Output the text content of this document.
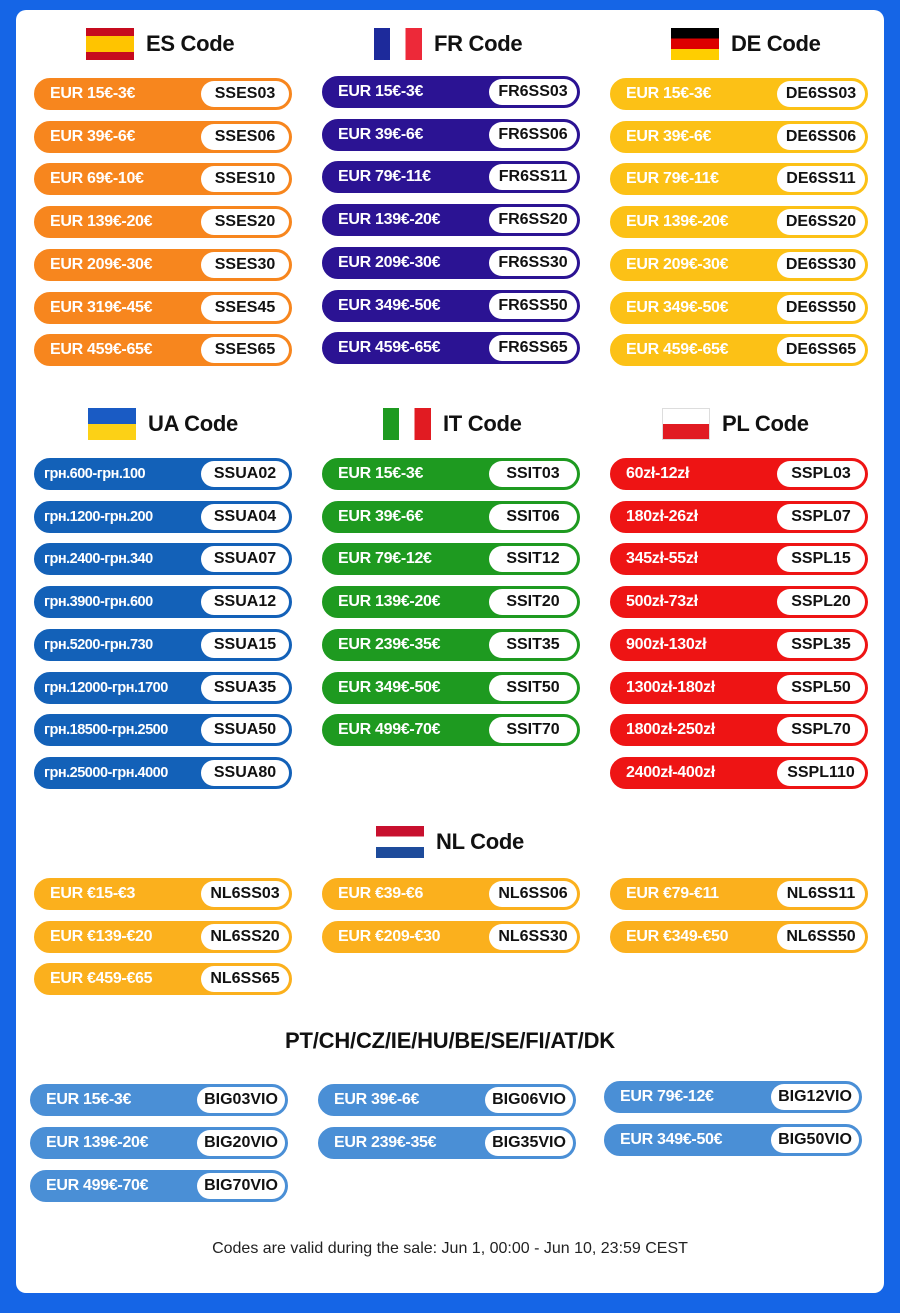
ES Code	FR Code	DE Code
EUR 15€-3€	SSES03
EUR 39€-6€	SSES06
EUR 69€-10€	SSES10
EUR 139€-20€	SSES20
EUR 209€-30€	SSES30
EUR 319€-45€	SSES45
EUR 459€-65€	SSES65
EUR 15€-3€	FR6SS03
EUR 39€-6€	FR6SS06
EUR 79€-11€	FR6SS11
EUR 139€-20€	FR6SS20
EUR 209€-30€	FR6SS30
EUR 349€-50€	FR6SS50
EUR 459€-65€	FR6SS65
EUR 15€-3€	DE6SS03
EUR 39€-6€	DE6SS06
EUR 79€-11€	DE6SS11
EUR 139€-20€	DE6SS20
EUR 209€-30€	DE6SS30
EUR 349€-50€	DE6SS50
EUR 459€-65€	DE6SS65
UA Code	IT Code	PL Code
грн.600-грн.100	SSUA02
грн.1200-грн.200	SSUA04
грн.2400-грн.340	SSUA07
грн.3900-грн.600	SSUA12
грн.5200-грн.730	SSUA15
грн.12000-грн.1700	SSUA35
грн.18500-грн.2500	SSUA50
грн.25000-грн.4000	SSUA80
EUR 15€-3€	SSIT03
EUR 39€-6€	SSIT06
EUR 79€-12€	SSIT12
EUR 139€-20€	SSIT20
EUR 239€-35€	SSIT35
EUR 349€-50€	SSIT50
EUR 499€-70€	SSIT70
60zł-12zł	SSPL03
180zł-26zł	SSPL07
345zł-55zł	SSPL15
500zł-73zł	SSPL20
900zł-130zł	SSPL35
1300zł-180zł	SSPL50
1800zł-250zł	SSPL70
2400zł-400zł	SSPL110
NL Code
EUR €15-€3	NL6SS03	EUR €39-€6	NL6SS06	EUR €79-€11	NL6SS11
EUR €139-€20	NL6SS20	EUR €209-€30	NL6SS30	EUR €349-€50	NL6SS50
EUR €459-€65	NL6SS65
PT/CH/CZ/IE/HU/BE/SE/FI/AT/DK
EUR 15€-3€	BIG03VIO	EUR 39€-6€	BIG06VIO	EUR 79€-12€	BIG12VIO
EUR 139€-20€	BIG20VIO	EUR 239€-35€	BIG35VIO	EUR 349€-50€	BIG50VIO
EUR 499€-70€	BIG70VIO
Codes are valid during the sale: Jun 1, 00:00 - Jun 10, 23:59 CEST
